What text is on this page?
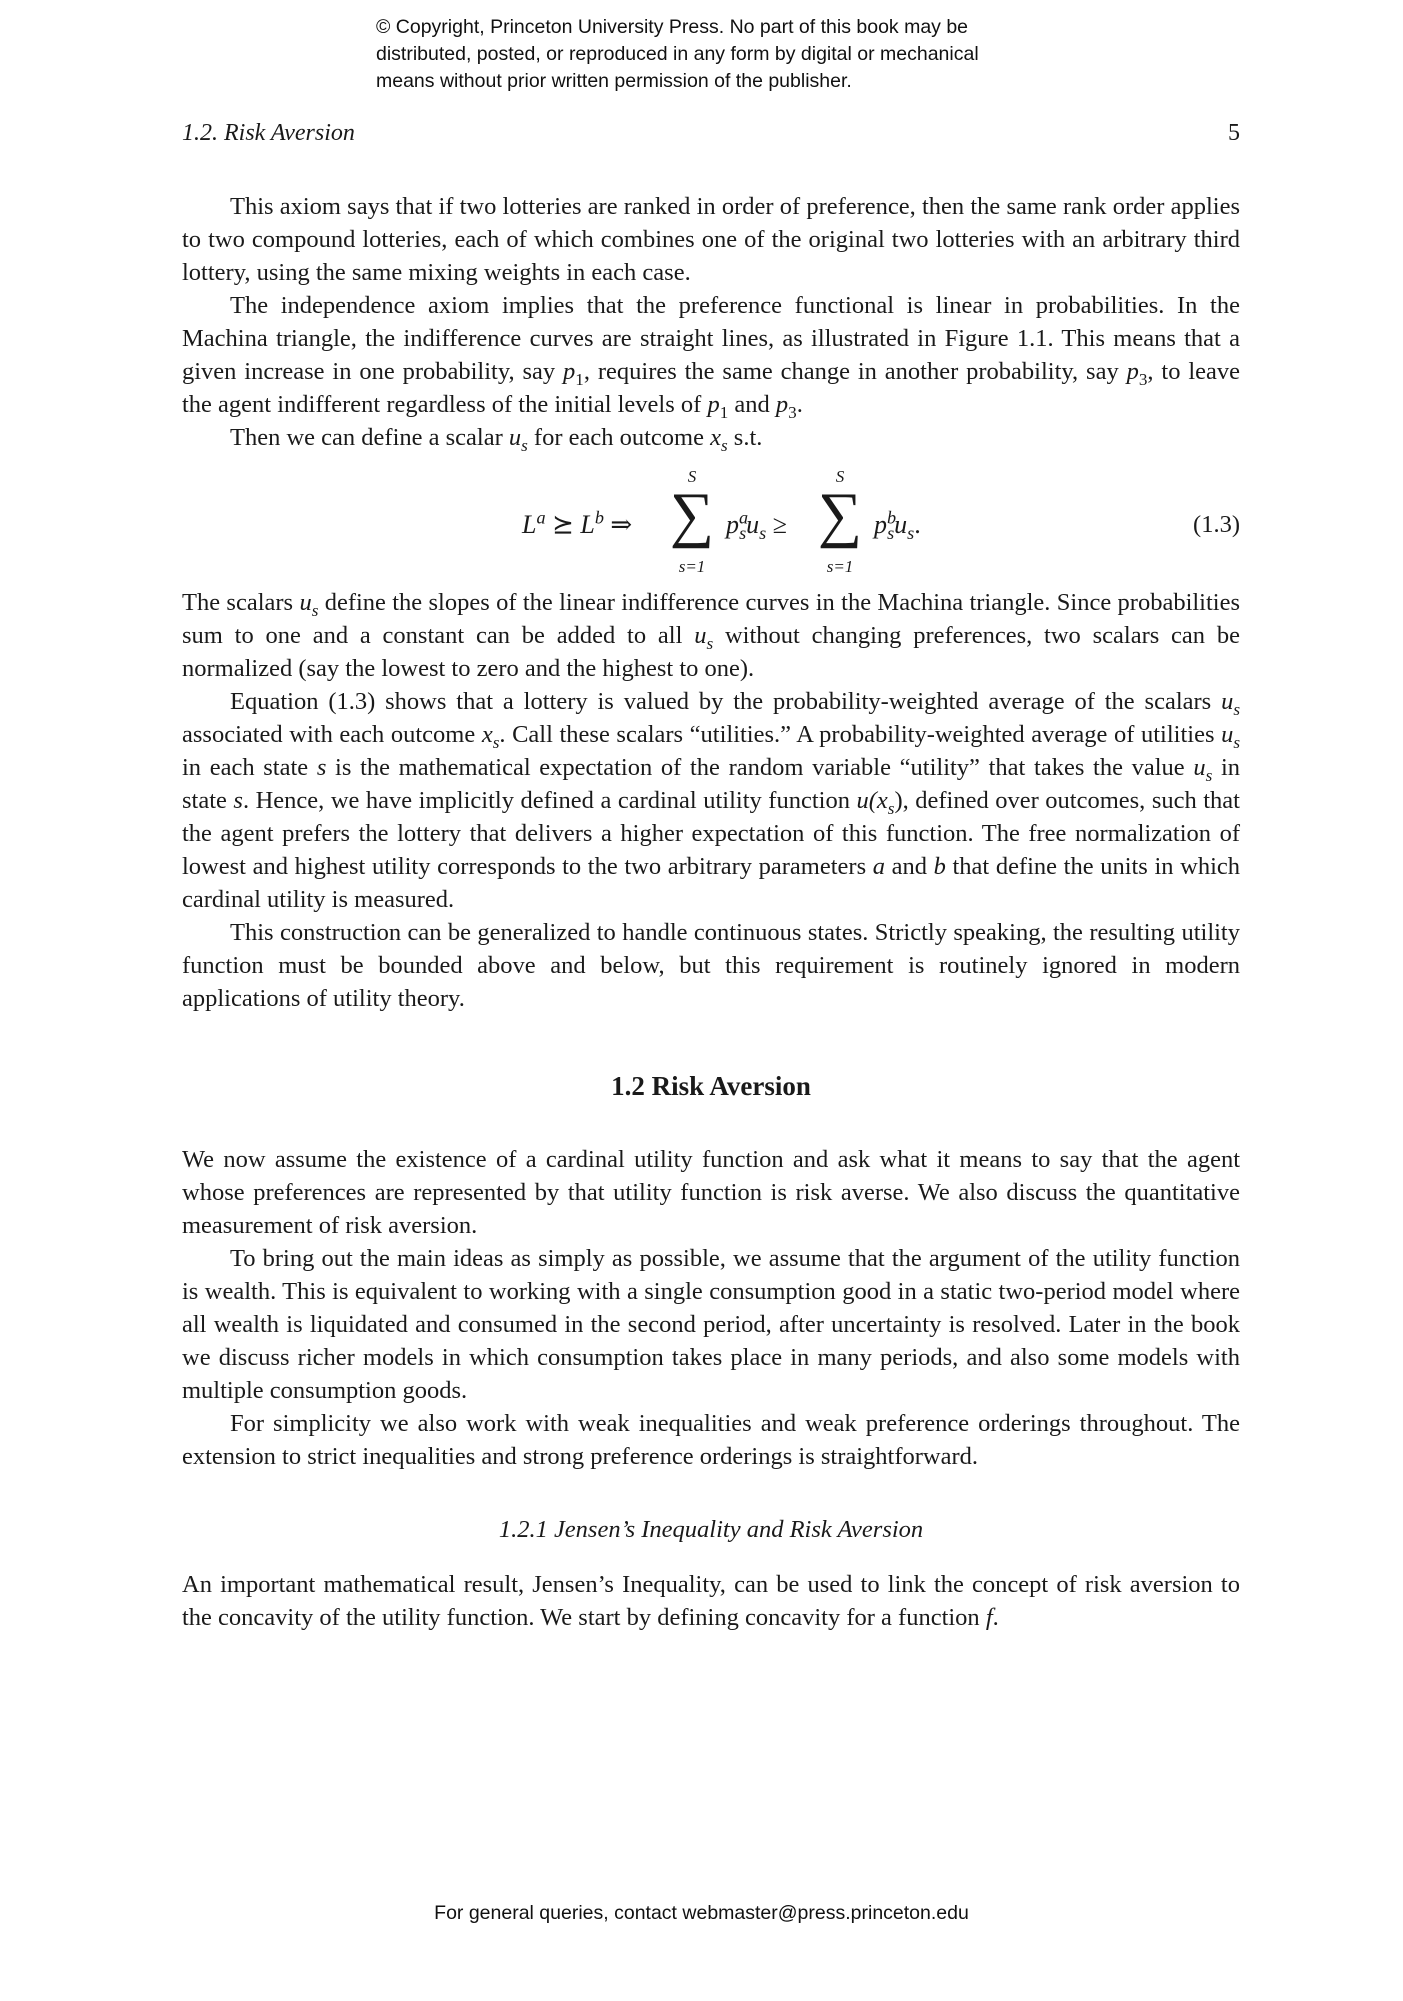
© Copyright, Princeton University Press. No part of this book may be
distributed, posted, or reproduced in any form by digital or mechanical
means without prior written permission of the publisher.
1.2. Risk Aversion	5

This axiom says that if two lotteries are ranked in order of preference, then the same rank order applies to two compound lotteries, each of which combines one of the original two lotteries with an arbitrary third lottery, using the same mixing weights in each case.

The independence axiom implies that the preference functional is linear in probabilities. In the Machina triangle, the indifference curves are straight lines, as illustrated in Figure 1.1. This means that a given increase in one probability, say $p_1$, requires the same change in another probability, say $p_3$, to leave the agent indifferent regardless of the initial levels of $p_1$ and $p_3$.

Then we can define a scalar $u_s$ for each outcome $x_s$ s.t.

$L^a$ ⪰ $L^b$ ⇒
S
∑
s=1
$p^a_su_s$ ≥
S
∑
s=1
$p^b_su_s$.	(1.3)

The scalars $u_s$ define the slopes of the linear indifference curves in the Machina triangle. Since probabilities sum to one and a constant can be added to all $u_s$ without changing preferences, two scalars can be normalized (say the lowest to zero and the highest to one).

Equation (1.3) shows that a lottery is valued by the probability-weighted average of the scalars $u_s$ associated with each outcome $x_s$. Call these scalars “utilities.” A probability-weighted average of utilities $u_s$ in each state s is the mathematical expectation of the random variable “utility” that takes the value $u_s$ in state s. Hence, we have implicitly defined a cardinal utility function $u(x_s)$, defined over outcomes, such that the agent prefers the lottery that delivers a higher expectation of this function. The free normalization of lowest and highest utility corresponds to the two arbitrary parameters a and b that define the units in which cardinal utility is measured.

This construction can be generalized to handle continuous states. Strictly speaking, the resulting utility function must be bounded above and below, but this requirement is routinely ignored in modern applications of utility theory.

1.2 Risk Aversion

We now assume the existence of a cardinal utility function and ask what it means to say that the agent whose preferences are represented by that utility function is risk averse. We also discuss the quantitative measurement of risk aversion.

To bring out the main ideas as simply as possible, we assume that the argument of the utility function is wealth. This is equivalent to working with a single consumption good in a static two-period model where all wealth is liquidated and consumed in the second period, after uncertainty is resolved. Later in the book we discuss richer models in which consumption takes place in many periods, and also some models with multiple consumption goods.

For simplicity we also work with weak inequalities and weak preference orderings throughout. The extension to strict inequalities and strong preference orderings is straightforward.

1.2.1 Jensen’s Inequality and Risk Aversion

An important mathematical result, Jensen’s Inequality, can be used to link the concept of risk aversion to the concavity of the utility function. We start by defining concavity for a function f.

For general queries, contact webmaster@press.princeton.edu
